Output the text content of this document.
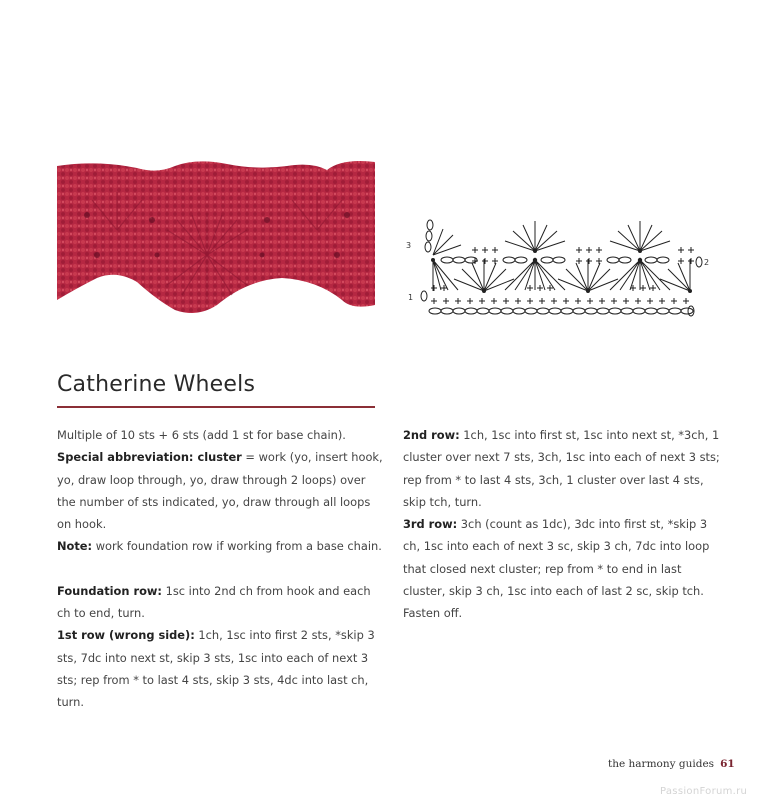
3
2
1
Catherine Wheels

Multiple of 10 sts + 6 sts (add 1 st for base chain).

Special abbreviation: cluster = work (yo, insert hook, yo, draw loop through, yo, draw through 2 loops) over the number of sts indicated, yo, draw through all loops on hook.

Note: work foundation row if working from a base chain.

Foundation row: 1sc into 2nd ch from hook and each ch to end, turn.

1st row (wrong side): 1ch, 1sc into first 2 sts, *skip 3 sts, 7dc into next st, skip 3 sts, 1sc into each of next 3 sts; rep from * to last 4 sts, skip 3 sts, 4dc into last ch, turn.

2nd row: 1ch, 1sc into first st, 1sc into next st, *3ch, 1 cluster over next 7 sts, 3ch, 1sc into each of next 3 sts; rep from * to last 4 sts, 3ch, 1 cluster over last 4 sts, skip tch, turn.

3rd row: 3ch (count as 1dc), 3dc into first st, *skip 3 ch, 1sc into each of next 3 sc, skip 3 ch, 7dc into loop that closed next cluster; rep from * to end in last cluster, skip 3 ch, 1sc into each of last 2 sc, skip tch.

Fasten off.

the harmony guides 61
PassionForum.ru
